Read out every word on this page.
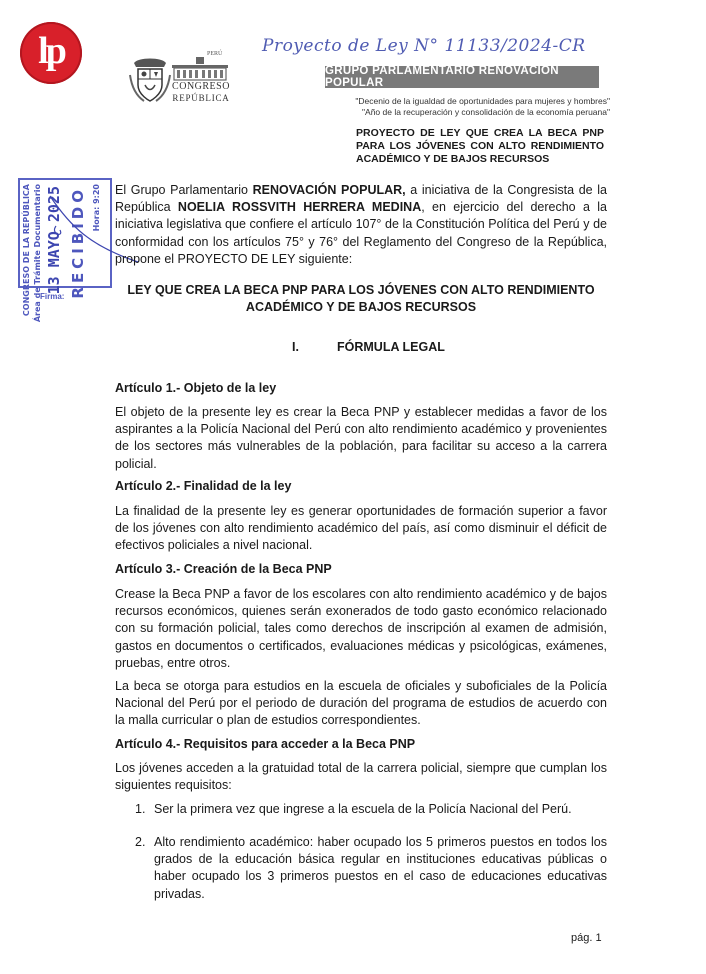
lp	PERÚ
CONGRESO
REPÚBLICA
Proyecto de Ley N° 11133/2024-CR
GRUPO PARLAMENTARIO RENOVACIÓN POPULAR
"Decenio de la igualdad de oportunidades para mujeres y hombres"
"Año de la recuperación y consolidación de la economía peruana"
PROYECTO DE LEY QUE CREA LA BECA PNP PARA LOS JÓVENES CON ALTO RENDIMIENTO ACADÉMICO Y DE BAJOS RECURSOS
CONGRESO DE LA REPÚBLICA Área de Trámite Documentario 13 MAYO 2025 RECIBIDO Hora: 9:20
Firma:
El Grupo Parlamentario RENOVACIÓN POPULAR, a iniciativa de la Congresista de la República NOELIA ROSSVITH HERRERA MEDINA, en ejercicio del derecho a la iniciativa legislativa que confiere el artículo 107° de la Constitución Política del Perú y de conformidad con los artículos 75° y 76° del Reglamento del Congreso de la República, propone el PROYECTO DE LEY siguiente:
LEY QUE CREA LA BECA PNP PARA LOS JÓVENES CON ALTO RENDIMIENTO
ACADÉMICO Y DE BAJOS RECURSOS
I.	FÓRMULA LEGAL
Artículo 1.- Objeto de la ley
El objeto de la presente ley es crear la Beca PNP y establecer medidas a favor de los aspirantes a la Policía Nacional del Perú con alto rendimiento académico y provenientes de los sectores más vulnerables de la población, para facilitar su acceso a la carrera policial.
Artículo 2.- Finalidad de la ley
La finalidad de la presente ley es generar oportunidades de formación superior a favor de los jóvenes con alto rendimiento académico del país, así como disminuir el déficit de efectivos policiales a nivel nacional.
Artículo 3.- Creación de la Beca PNP
Crease la Beca PNP a favor de los escolares con alto rendimiento académico y de bajos recursos económicos, quienes serán exonerados de todo gasto económico relacionado con su formación policial, tales como derechos de inscripción al examen de admisión, gastos en documentos o certificados, evaluaciones médicas y psicológicas, exámenes, pruebas, entre otros.
La beca se otorga para estudios en la escuela de oficiales y suboficiales de la Policía Nacional del Perú por el periodo de duración del programa de estudios de acuerdo con la malla curricular o plan de estudios correspondientes.
Artículo 4.- Requisitos para acceder a la Beca PNP
Los jóvenes acceden a la gratuidad total de la carrera policial, siempre que cumplan los siguientes requisitos:
1. Ser la primera vez que ingrese a la escuela de la Policía Nacional del Perú.
2. Alto rendimiento académico: haber ocupado los 5 primeros puestos en todos los grados de la educación básica regular en instituciones educativas públicas o haber ocupado los 3 primeros puestos en el caso de educaciones educativas privadas.
pág. 1
